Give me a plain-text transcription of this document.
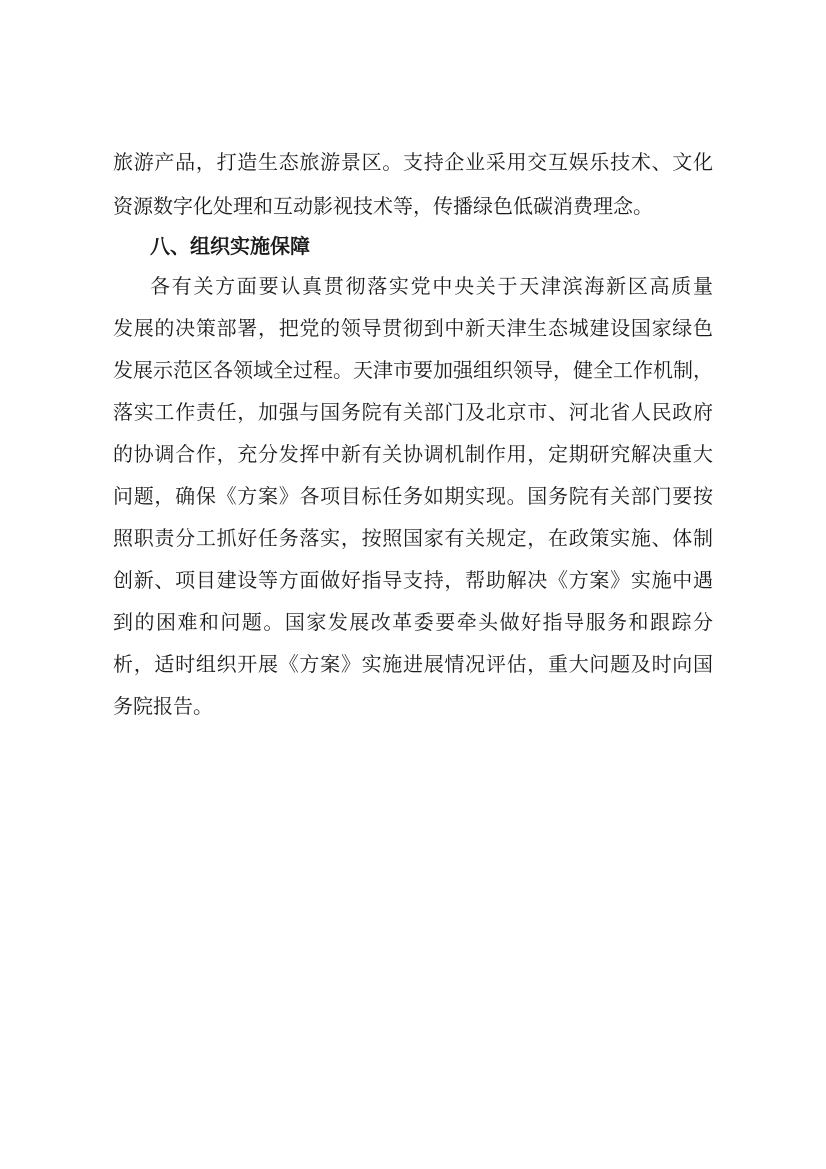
旅游产品，打造生态旅游景区。支持企业采用交互娱乐技术、文化
资源数字化处理和互动影视技术等，传播绿色低碳消费理念。
八、组织实施保障
各有关方面要认真贯彻落实党中央关于天津滨海新区高质量
发展的决策部署，把党的领导贯彻到中新天津生态城建设国家绿色
发展示范区各领域全过程。天津市要加强组织领导，健全工作机制，
落实工作责任，加强与国务院有关部门及北京市、河北省人民政府
的协调合作，充分发挥中新有关协调机制作用，定期研究解决重大
问题，确保《方案》各项目标任务如期实现。国务院有关部门要按
照职责分工抓好任务落实，按照国家有关规定，在政策实施、体制
创新、项目建设等方面做好指导支持，帮助解决《方案》实施中遇
到的困难和问题。国家发展改革委要牵头做好指导服务和跟踪分
析，适时组织开展《方案》实施进展情况评估，重大问题及时向国
务院报告。
